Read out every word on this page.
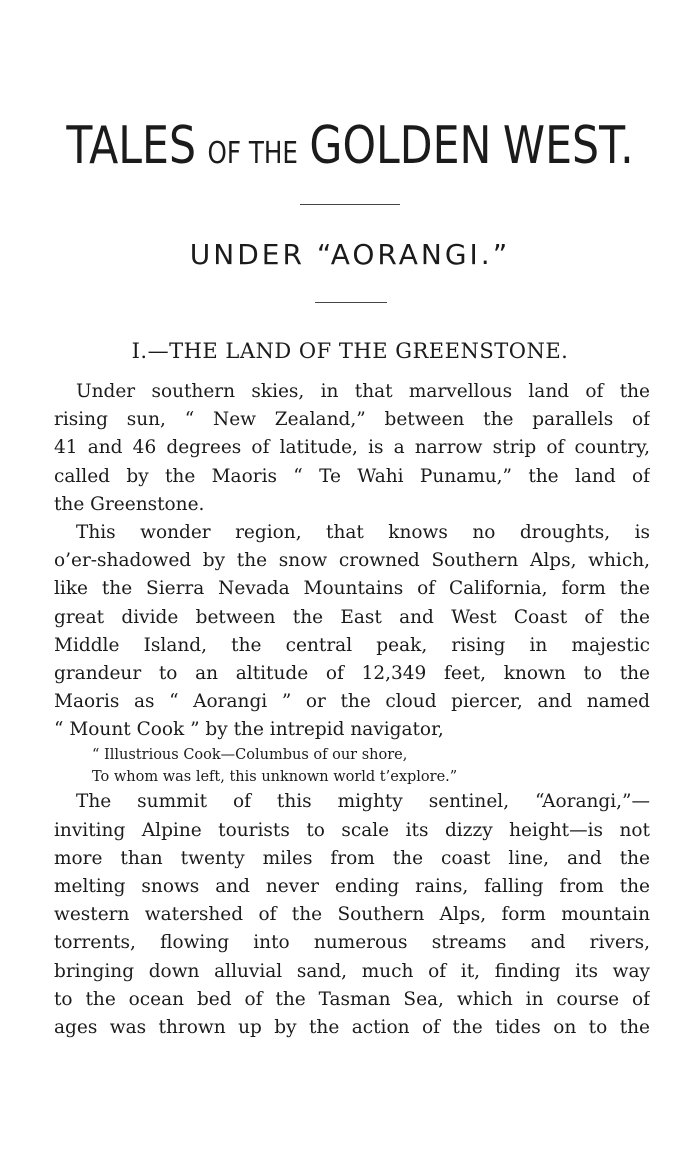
TALES OF THE GOLDEN WEST.
UNDER “AORANGI.”
I.—THE LAND OF THE GREENSTONE.
Under southern skies, in that marvellous land of the
rising sun, “ New Zealand,” between the parallels of
41 and 46 degrees of latitude, is a narrow strip of country,
called by the Maoris “ Te Wahi Punamu,” the land of
the Greenstone.
This wonder region, that knows no droughts, is
o’er-shadowed by the snow crowned Southern Alps, which,
like the Sierra Nevada Mountains of California, form the
great divide between the East and West Coast of the
Middle Island, the central peak, rising in majestic
grandeur to an altitude of 12,349 feet, known to the
Maoris as “ Aorangi ” or the cloud piercer, and named
“ Mount Cook ” by the intrepid navigator,
“ Illustrious Cook—Columbus of our shore,
To whom was left, this unknown world t’explore.”
The summit of this mighty sentinel, “Aorangi,”—
inviting Alpine tourists to scale its dizzy height—is not
more than twenty miles from the coast line, and the
melting snows and never ending rains, falling from the
western watershed of the Southern Alps, form mountain
torrents, flowing into numerous streams and rivers,
bringing down alluvial sand, much of it, finding its way
to the ocean bed of the Tasman Sea, which in course of
ages was thrown up by the action of the tides on to the
